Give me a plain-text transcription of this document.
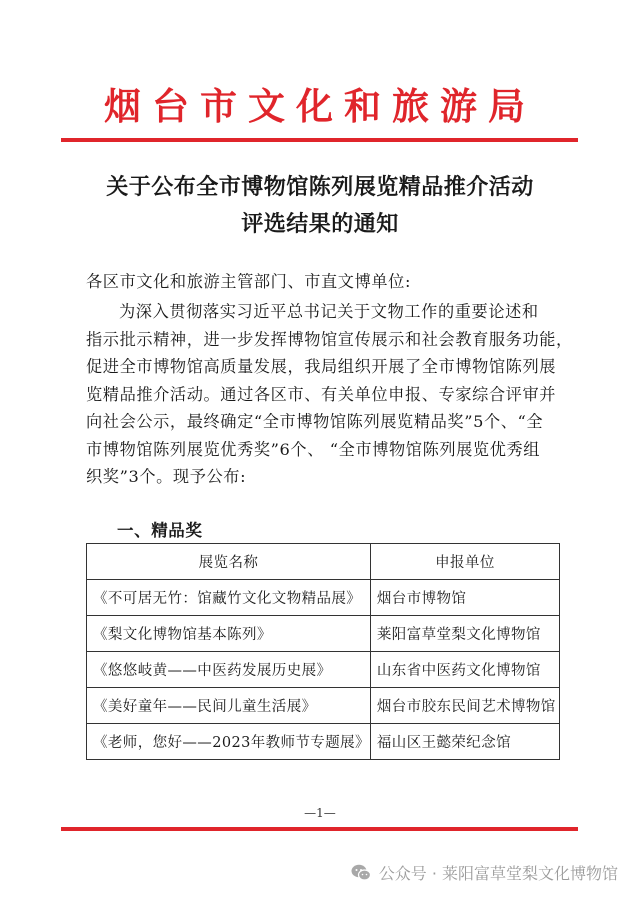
烟台市文化和旅游局
关于公布全市博物馆陈列展览精品推介活动
评选结果的通知
各区市文化和旅游主管部门、市直文博单位:
为深入贯彻落实习近平总书记关于文物工作的重要论述和
指示批示精神，进一步发挥博物馆宣传展示和社会教育服务功能，
促进全市博物馆高质量发展，我局组织开展了全市博物馆陈列展
览精品推介活动。通过各区市、有关单位申报、专家综合评审并
向社会公示，最终确定“全市博物馆陈列展览精品奖”5个、“全
市博物馆陈列展览优秀奖”6个、 “全市博物馆陈列展览优秀组
织奖”3个。现予公布:
一、精品奖
展览名称	申报单位
《不可居无竹：馆藏竹文化文物精品展》	烟台市博物馆
《梨文化博物馆基本陈列》	莱阳富草堂梨文化博物馆
《悠悠岐黄——中医药发展历史展》	山东省中医药文化博物馆
《美好童年——民间儿童生活展》	烟台市胶东民间艺术博物馆
《老师，您好——2023年教师节专题展》	福山区王懿荣纪念馆
—1—
公众号 · 莱阳富草堂梨文化博物馆
